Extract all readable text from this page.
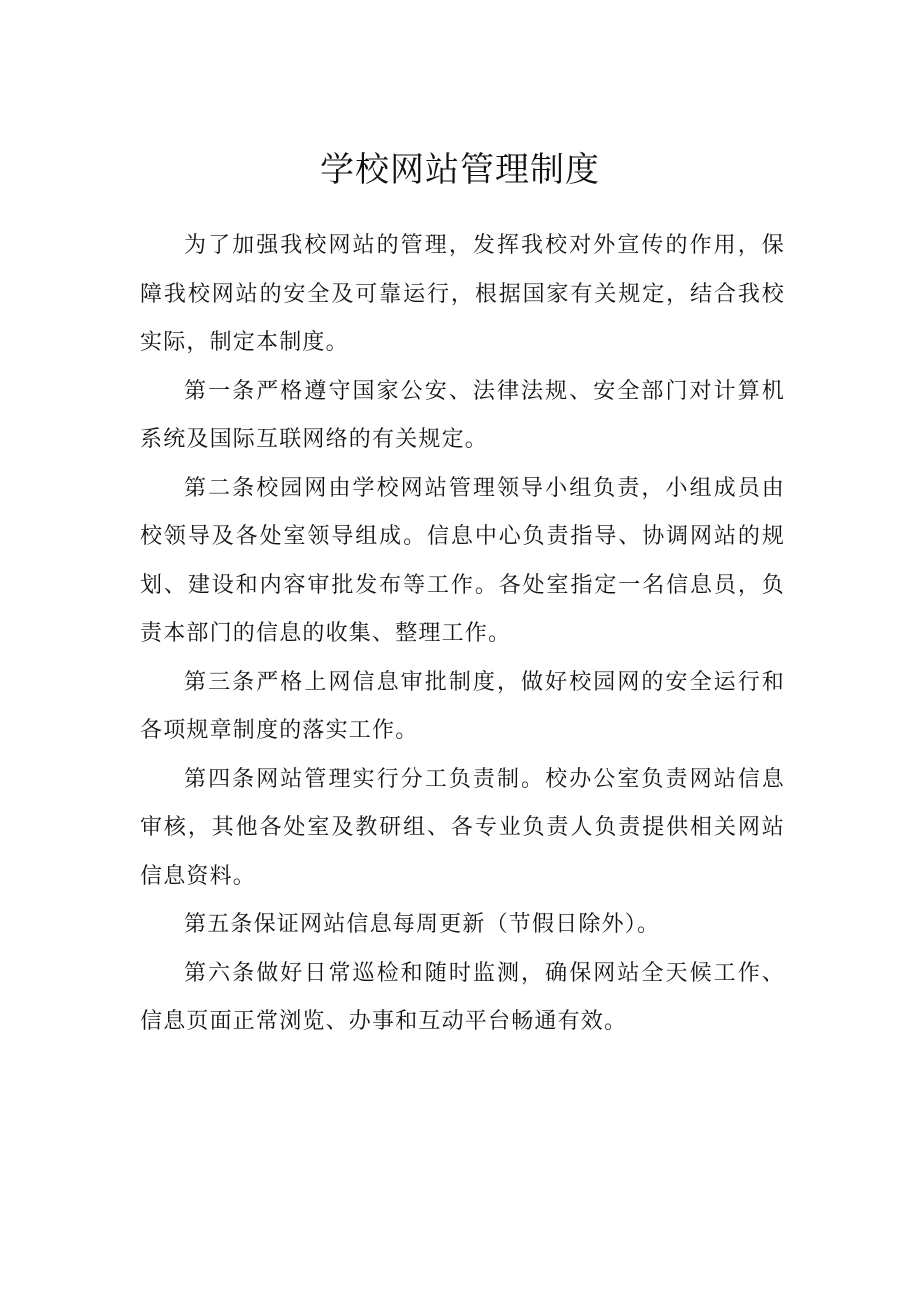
学校网站管理制度

为了加强我校网站的管理，发挥我校对外宣传的作用，保障我校网站的安全及可靠运行，根据国家有关规定，结合我校实际，制定本制度。

第一条严格遵守国家公安、法律法规、安全部门对计算机系统及国际互联网络的有关规定。

第二条校园网由学校网站管理领导小组负责，小组成员由校领导及各处室领导组成。信息中心负责指导、协调网站的规划、建设和内容审批发布等工作。各处室指定一名信息员，负责本部门的信息的收集、整理工作。

第三条严格上网信息审批制度，做好校园网的安全运行和各项规章制度的落实工作。

第四条网站管理实行分工负责制。校办公室负责网站信息审核，其他各处室及教研组、各专业负责人负责提供相关网站信息资料。

第五条保证网站信息每周更新（节假日除外）。

第六条做好日常巡检和随时监测，确保网站全天候工作、信息页面正常浏览、办事和互动平台畅通有效。
